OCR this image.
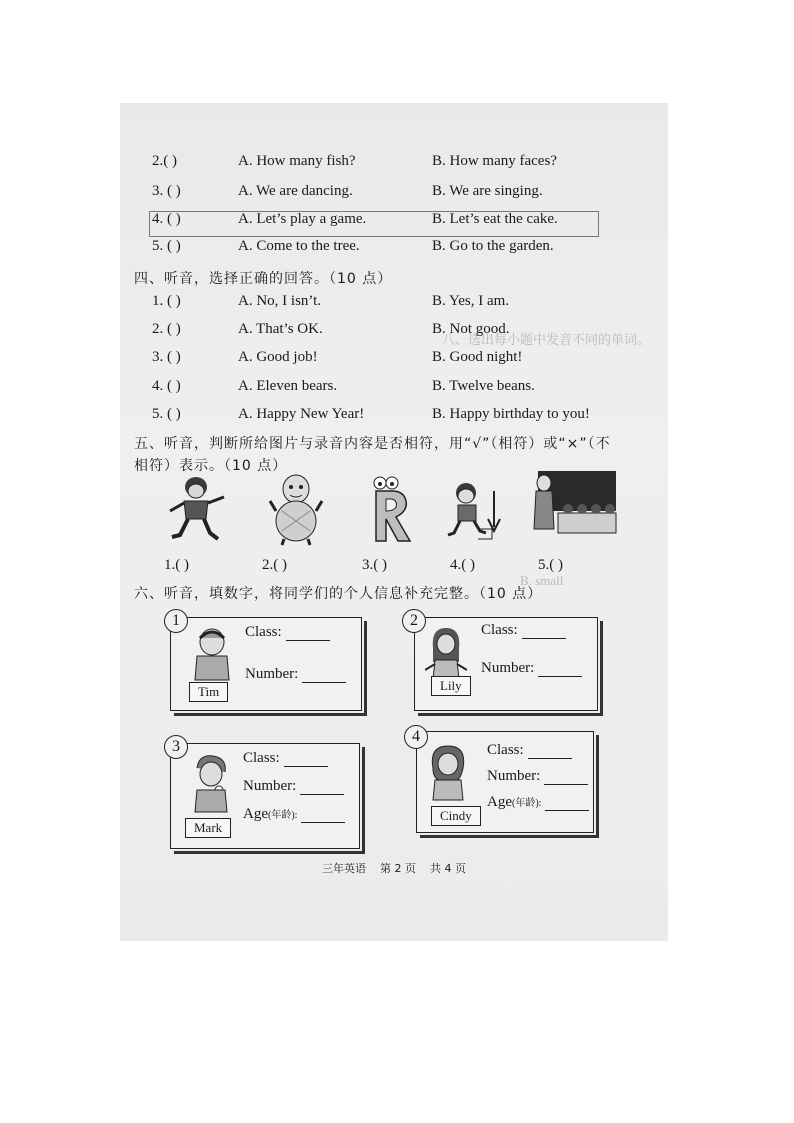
八、选出每小题中发音不同的单词。
B. small
2.( )	A. How many fish?	B. How many faces?
3. ( )	A. We are dancing.	B. We are singing.
4. ( )	A. Let’s play a game.	B. Let’s eat the cake.
5. ( )	A. Come to the tree.	B. Go to the garden.
四、听音，选择正确的回答。（10 点）
1. ( )	A. No, I isn’t.	B. Yes, I am.
2. ( )	A. That’s OK.	B. Not good.
3. ( )	A. Good job!	B. Good night!
4. ( )	A. Eleven bears.	B. Twelve beans.
5. ( )	A. Happy New Year!	B. Happy birthday to you!
五、听音，判断所给图片与录音内容是否相符，用“√”（相符）或“×”（不
相符）表示。（10 点）
1.( )	2.( )	3.( )	4.( )	5.( )
六、听音，填数字，将同学们的个人信息补充完整。（10 点）
Class:
Number:
Tim
1
Class:
Number:
Lily
2
Class:
Number:
Age(年龄):
Mark
3	Class:
Number:
Age(年龄):
Cindy
4
三年英语 第 2 页 共 4 页
